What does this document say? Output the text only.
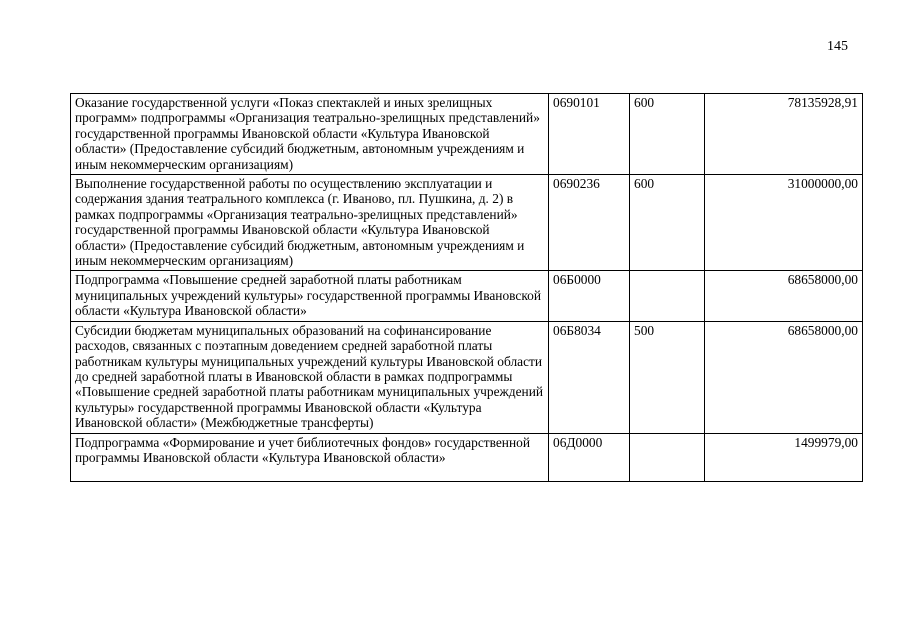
145
Оказание государственной услуги «Показ спектаклей и иных зрелищных программ» подпрограммы «Организация театрально-зрелищных представлений» государственной программы Ивановской области «Культура Ивановской области» (Предоставление субсидий бюджетным, автономным учреждениям и иным некоммерческим организациям)	0690101	600	78135928,91
Выполнение государственной работы по осуществлению эксплуатации и содержания здания театрального комплекса (г. Иваново, пл. Пушкина, д. 2) в рамках подпрограммы «Организация театрально-зрелищных представлений» государственной программы Ивановской области «Культура Ивановской области» (Предоставление субсидий бюджетным, автономным учреждениям и иным некоммерческим организациям)	0690236	600	31000000,00
Подпрограмма «Повышение средней заработной платы работникам муниципальных учреждений культуры» государственной программы Ивановской области «Культура Ивановской области»	06Б0000		68658000,00
Субсидии бюджетам муниципальных образований на софинансирование расходов, связанных с поэтапным доведением средней заработной платы работникам культуры муниципальных учреждений культуры Ивановской области до средней заработной платы в Ивановской области в рамках подпрограммы «Повышение средней заработной платы работникам муниципальных учреждений культуры» государственной программы Ивановской области «Культура Ивановской области» (Межбюджетные трансферты)	06Б8034	500	68658000,00
Подпрограмма «Формирование и учет библиотечных фондов» государственной программы Ивановской области «Культура Ивановской области»	06Д0000		1499979,00
